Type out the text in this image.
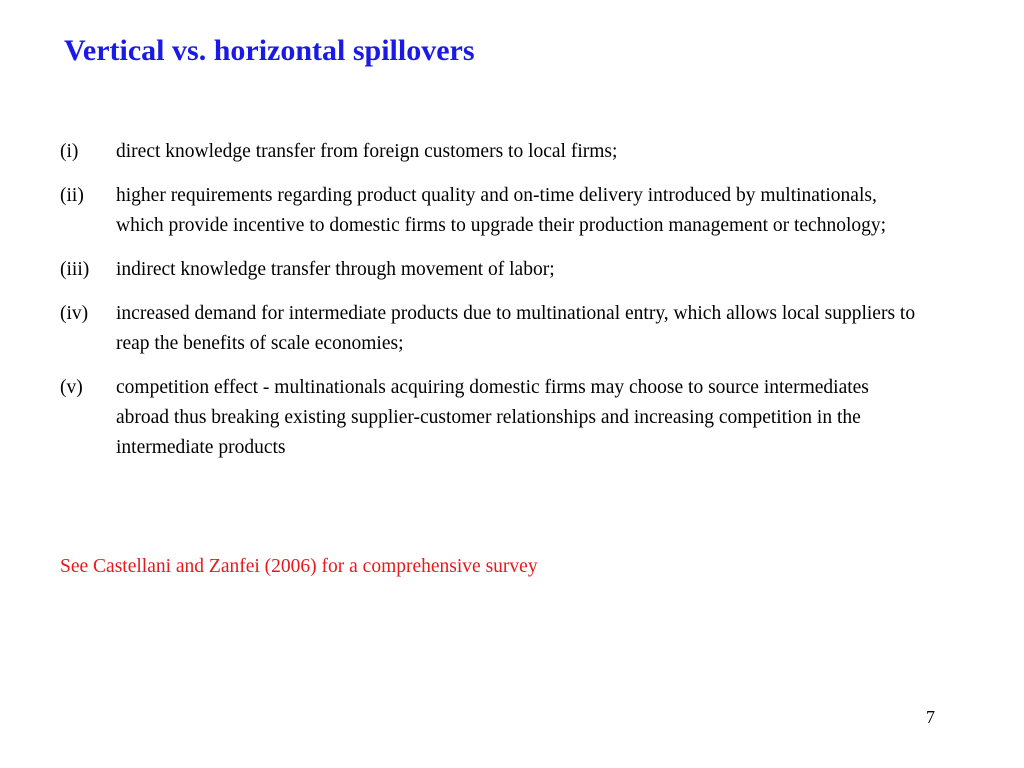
Vertical vs. horizontal spillovers
(i)	direct knowledge transfer from foreign customers to local firms;
(ii)	higher requirements regarding product quality and on-time delivery introduced by multinationals, which provide incentive to domestic firms to upgrade their production management or technology;
(iii)	indirect knowledge transfer through movement of labor;
(iv)	increased demand for intermediate products due to multinational entry, which allows local suppliers to reap the benefits of scale economies;
(v)	competition effect - multinationals acquiring domestic firms may choose to source intermediates abroad thus breaking existing supplier-customer relationships and increasing competition in the intermediate products
See Castellani and Zanfei (2006) for a comprehensive survey
7
